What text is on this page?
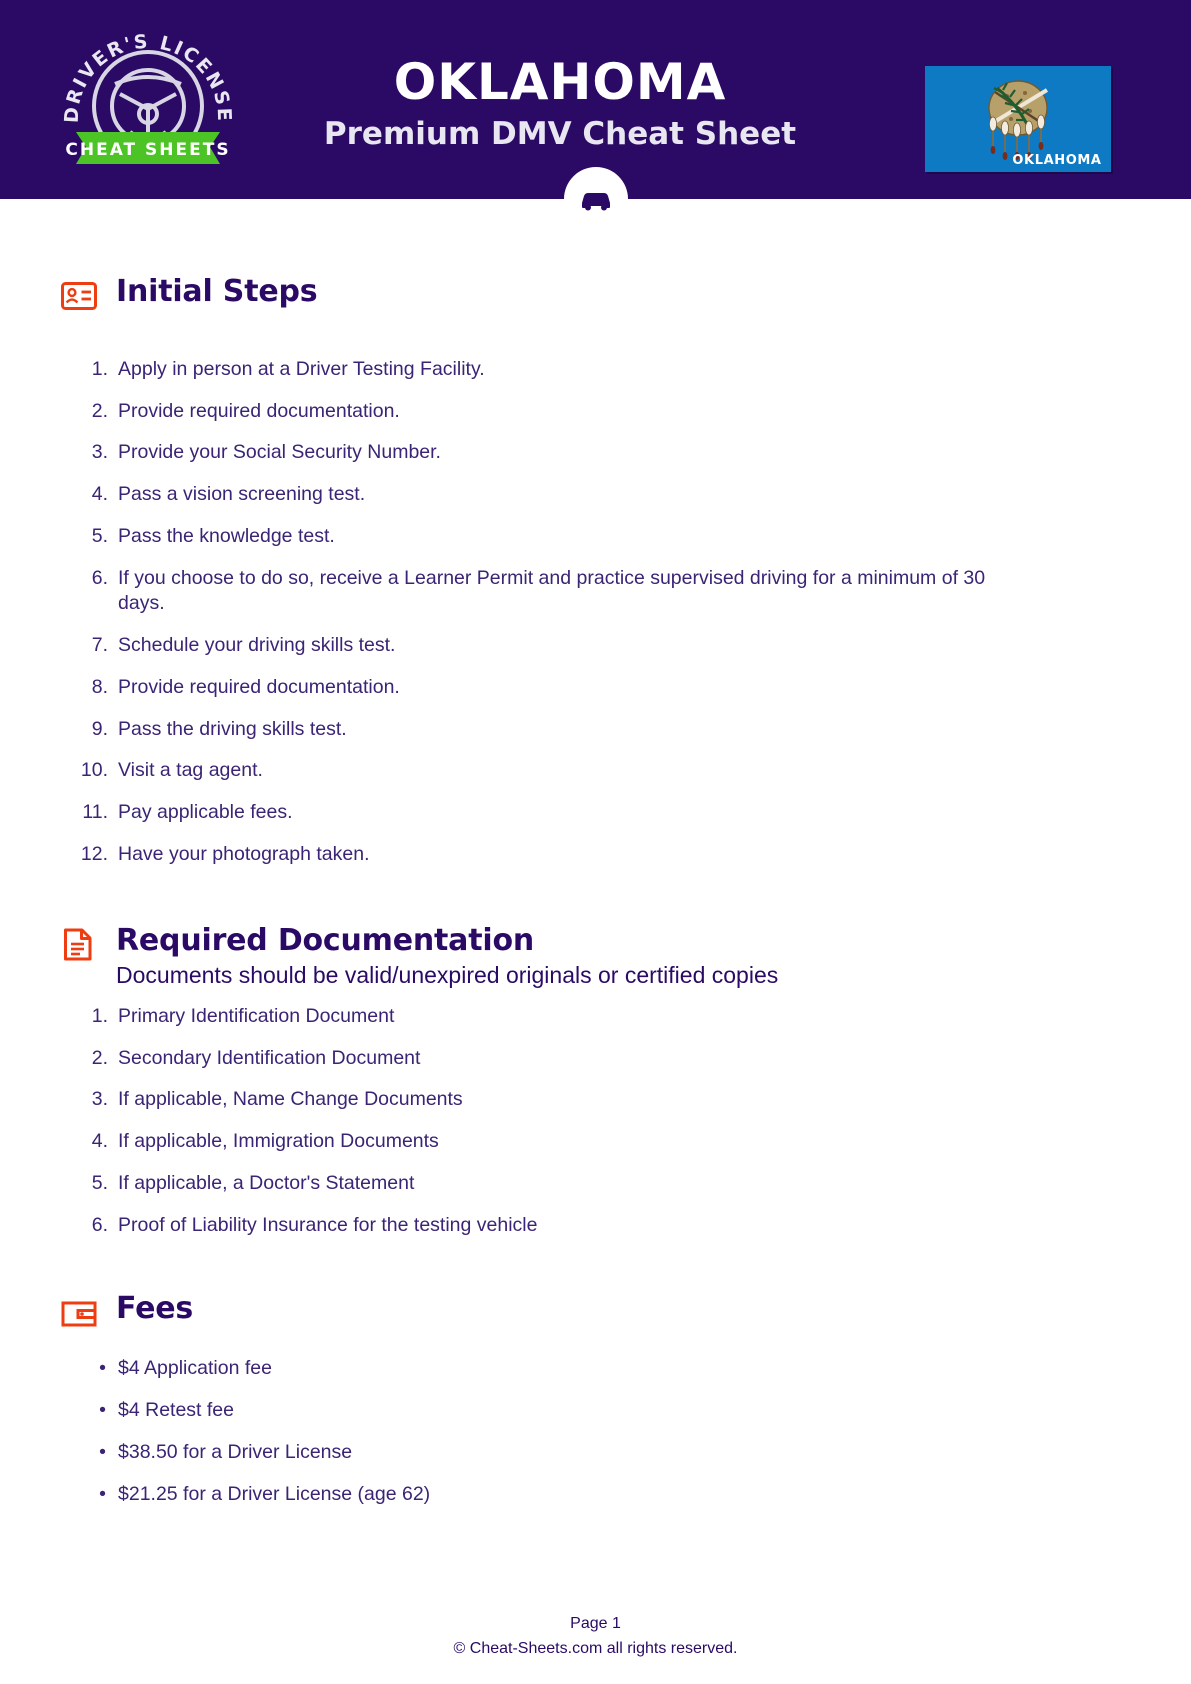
DRIVER'S LICENSE
CHEAT SHEETS
OKLAHOMA
Premium DMV Cheat Sheet
OKLAHOMA
Initial Steps
1. Apply in person at a Driver Testing Facility.
2. Provide required documentation.
3. Provide your Social Security Number.
4. Pass a vision screening test.
5. Pass the knowledge test.
6. If you choose to do so, receive a Learner Permit and practice supervised driving for a minimum of 30 days.
7. Schedule your driving skills test.
8. Provide required documentation.
9. Pass the driving skills test.
10. Visit a tag agent.
11. Pay applicable fees.
12. Have your photograph taken.
Required Documentation
Documents should be valid/unexpired originals or certified copies
1. Primary Identification Document
2. Secondary Identification Document
3. If applicable, Name Change Documents
4. If applicable, Immigration Documents
5. If applicable, a Doctor's Statement
6. Proof of Liability Insurance for the testing vehicle
Fees
• $4 Application fee
• $4 Retest fee
• $38.50 for a Driver License
• $21.25 for a Driver License (age 62)
Page 1
© Cheat-Sheets.com all rights reserved.
